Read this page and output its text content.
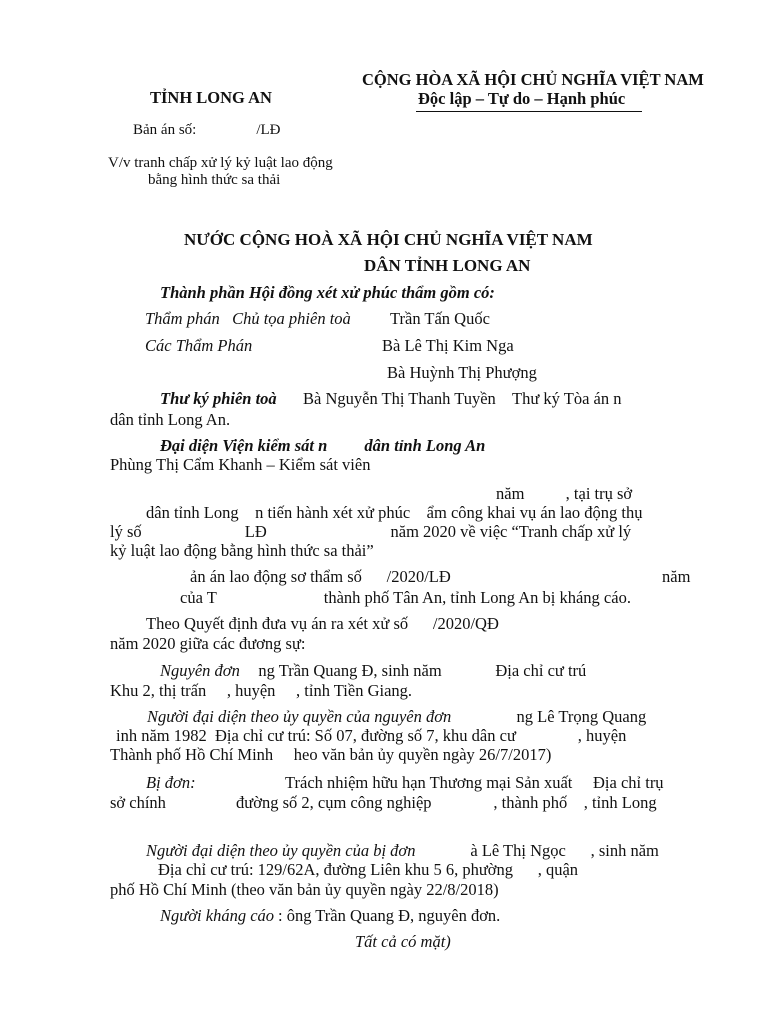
TỈNH LONG AN
Bản án số:                /LĐ
V/v tranh chấp xử lý kỷ luật lao động
bằng hình thức sa thải
CỘNG HÒA XÃ HỘI CHỦ NGHĨA VIỆT NAM
Độc lập – Tự do – Hạnh phúc
NƯỚC CỘNG HOÀ XÃ HỘI CHỦ NGHĨA VIỆT NAM
DÂN TỈNH LONG AN
Thành phần Hội đồng xét xử phúc thẩm gồm có:
Thẩm phán   Chủ tọa phiên toà Trần Tấn Quốc
Các Thẩm Phán	Bà Lê Thị Kim Nga
Bà Huỳnh Thị Phượng
Thư ký phiên toà Bà Nguyễn Thị Thanh Tuyền    Thư ký Tòa án n
dân tỉnh Long An.
Đại diện Viện kiểm sát n         dân tỉnh Long An
Phùng Thị Cẩm Khanh – Kiểm sát viên
năm          , tại trụ sở
dân tỉnh Long    n tiến hành xét xử phúc    ẩm công khai vụ án lao động thụ
lý số                         LĐ                              năm 2020 về việc “Tranh chấp xử lý
kỷ luật lao động bằng hình thức sa thải”
ản án lao động sơ thẩm số      /2020/LĐ	năm
của T                          thành phố Tân An, tỉnh Long An bị kháng cáo.
Theo Quyết định đưa vụ án ra xét xử số      /2020/QĐ
năm 2020 giữa các đương sự:
Nguyên đơn ng Trần Quang Đ, sinh năm             Địa chỉ cư trú
Khu 2, thị trấn     , huyện     , tỉnh Tiền Giang.
Người đại diện theo ủy quyền của nguyên đơn	ng Lê Trọng Quang
inh năm 1982  Địa chỉ cư trú: Số 07, đường số 7, khu dân cư               , huyện
Thành phố Hồ Chí Minh     heo văn bản ủy quyền ngày 26/7/2017)
Bị đơn:	Trách nhiệm hữu hạn Thương mại Sản xuất     Địa chỉ trụ
sở chính                 đường số 2, cụm công nghiệp               , thành phố    , tỉnh Long
Người đại diện theo ủy quyền của bị đơn	à Lê Thị Ngọc      , sinh năm
Địa chỉ cư trú: 129/62A, đường Liên khu 5 6, phường      , quận
phố Hồ Chí Minh (theo văn bản ủy quyền ngày 22/8/2018)
Người kháng cáo : ông Trần Quang Đ, nguyên đơn.
Tất cả có mặt)
